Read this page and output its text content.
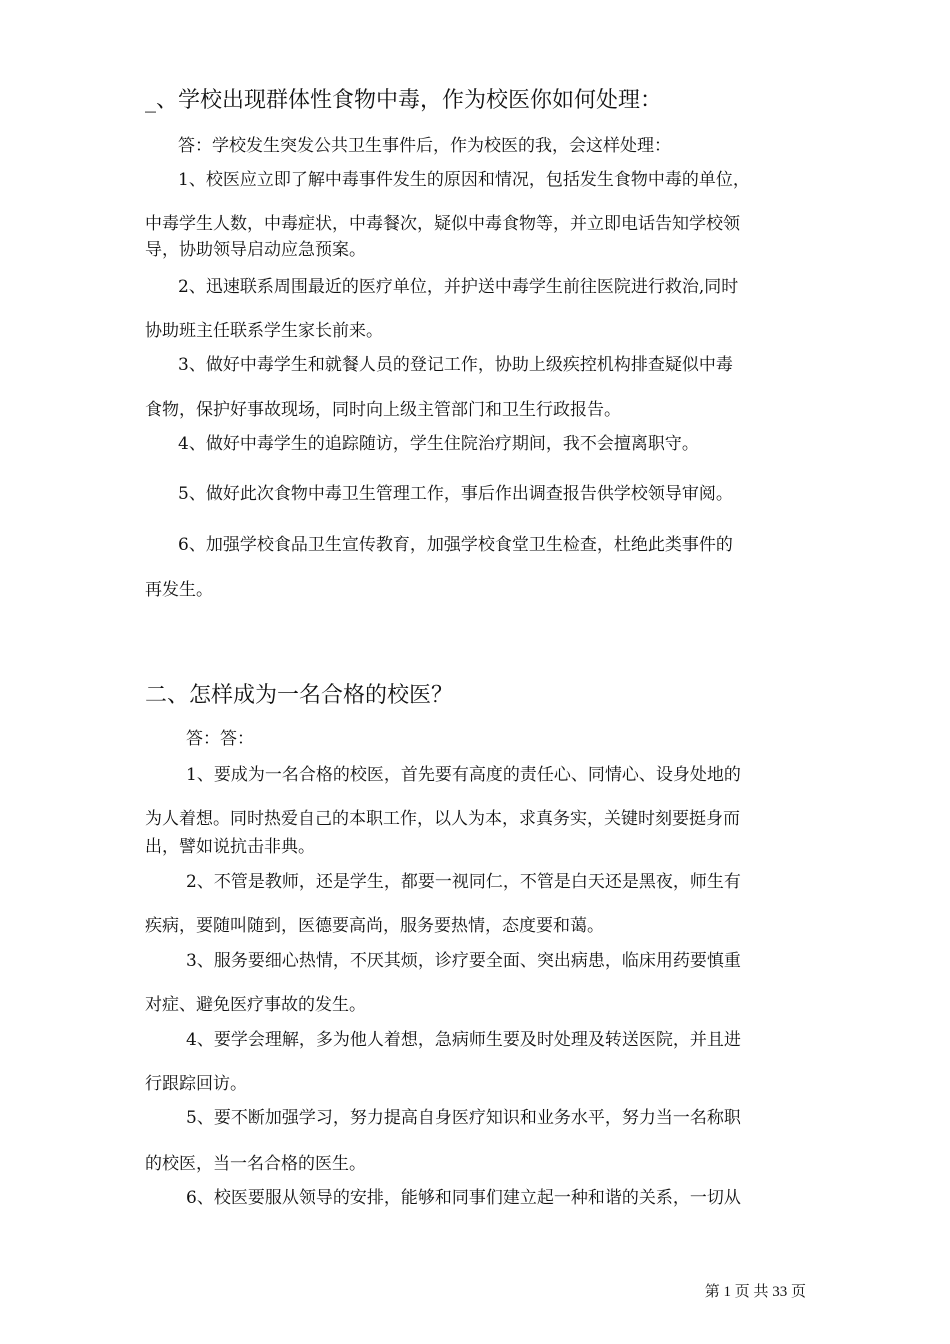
_、学校出现群体性食物中毒，作为校医你如何处理：
答：学校发生突发公共卫生事件后，作为校医的我，会这样处理：
1、校医应立即了解中毒事件发生的原因和情况，包括发生食物中毒的单位，
中毒学生人数，中毒症状，中毒餐次，疑似中毒食物等，并立即电话告知学校领
导，协助领导启动应急预案。
2、迅速联系周围最近的医疗单位，并护送中毒学生前往医院进行救治,同时
协助班主任联系学生家长前来。
3、做好中毒学生和就餐人员的登记工作，协助上级疾控机构排查疑似中毒
食物，保护好事故现场，同时向上级主管部门和卫生行政报告。
4、做好中毒学生的追踪随访，学生住院治疗期间，我不会擅离职守。
5、做好此次食物中毒卫生管理工作，事后作出调查报告供学校领导审阅。
6、加强学校食品卫生宣传教育，加强学校食堂卫生检查，杜绝此类事件的
再发生。
二、怎样成为一名合格的校医？
答：答：
1、要成为一名合格的校医，首先要有高度的责任心、同情心、设身处地的
为人着想。同时热爱自己的本职工作，以人为本，求真务实，关键时刻要挺身而
出，譬如说抗击非典。
2、不管是教师，还是学生，都要一视同仁，不管是白天还是黑夜，师生有
疾病，要随叫随到，医德要高尚，服务要热情，态度要和蔼。
3、服务要细心热情，不厌其烦，诊疗要全面、突出病患，临床用药要慎重
对症、避免医疗事故的发生。
4、要学会理解，多为他人着想，急病师生要及时处理及转送医院，并且进
行跟踪回访。
5、要不断加强学习，努力提高自身医疗知识和业务水平，努力当一名称职
的校医，当一名合格的医生。
6、校医要服从领导的安排，能够和同事们建立起一种和谐的关系，一切从
第 1 页 共 33 页
